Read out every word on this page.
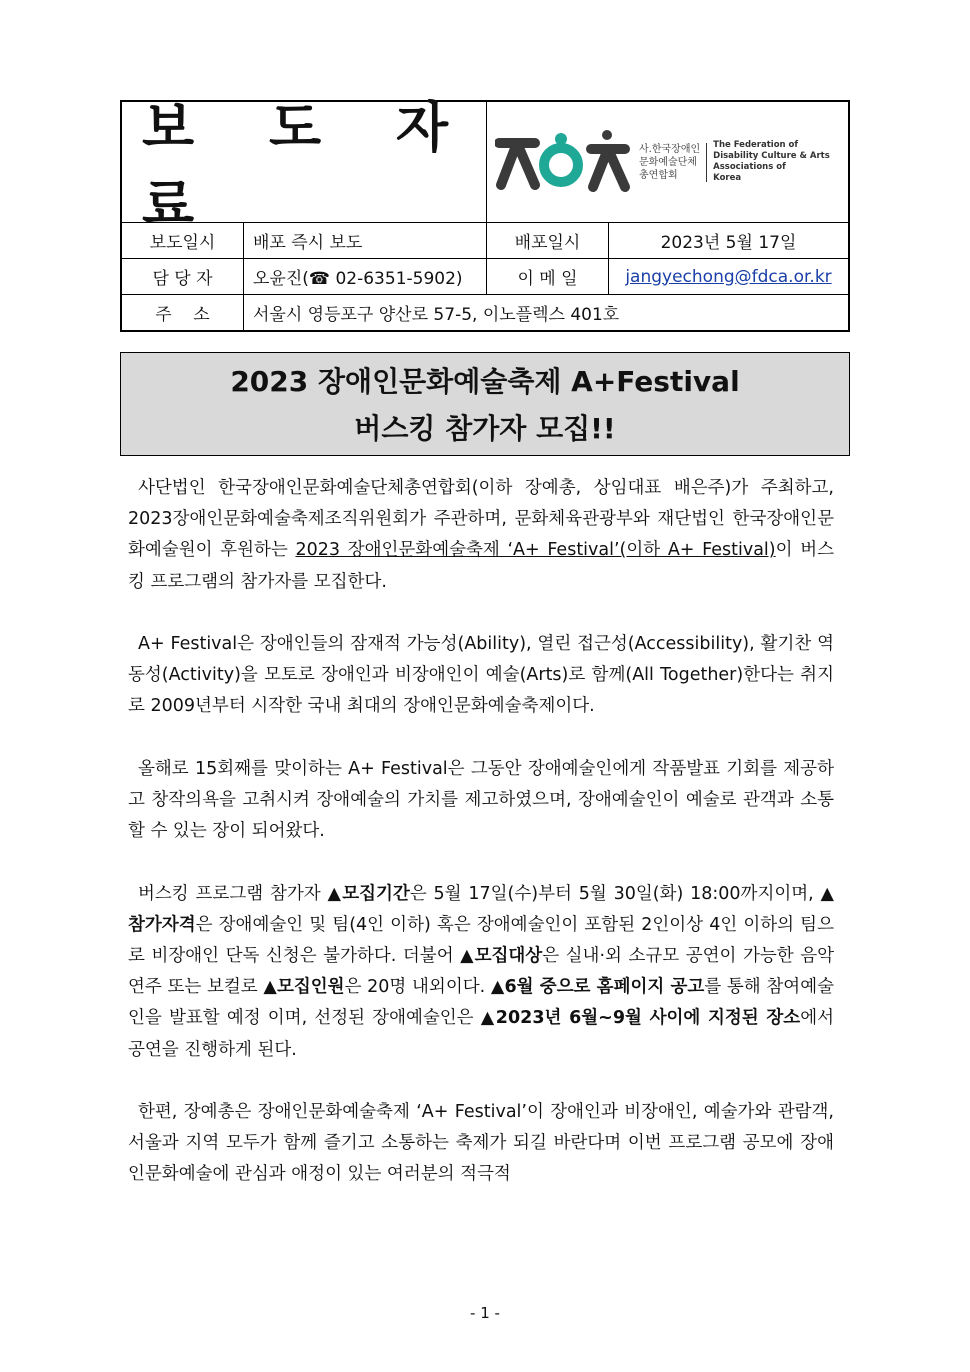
보 도 자 료
사.한국장애인
문화예술단체
총연합회
The Federation of
Disability Culture & Arts
Associations of
Korea
보도일시	배포 즉시 보도	배포일시	2023년 5월 17일
담 당 자	오윤진(☎ 02-6351-5902)	이 메 일	jangyechong@fdca.or.kr
주    소	서울시 영등포구 양산로 57-5, 이노플렉스 401호
2023 장애인문화예술축제 A+Festival
버스킹 참가자 모집!!

사단법인 한국장애인문화예술단체총연합회(이하 장예총, 상임대표 배은주)가 주최하고, 2023장애인문화예술축제조직위원회가 주관하며, 문화체육관광부와 재단법인 한국장애인문화예술원이 후원하는 2023 장애인문화예술축제 ‘A+ Festival’(이하 A+ Festival)이 버스킹 프로그램의 참가자를 모집한다.

A+ Festival은 장애인들의 잠재적 가능성(Ability), 열린 접근성(Accessibility), 활기찬 역동성(Activity)을 모토로 장애인과 비장애인이 예술(Arts)로 함께(All Together)한다는 취지로 2009년부터 시작한 국내 최대의 장애인문화예술축제이다.

올해로 15회째를 맞이하는 A+ Festival은 그동안 장애예술인에게 작품발표 기회를 제공하고 창작의욕을 고취시켜 장애예술의 가치를 제고하였으며, 장애예술인이 예술로 관객과 소통할 수 있는 장이 되어왔다.

버스킹 프로그램 참가자 ▲모집기간은 5월 17일(수)부터 5월 30일(화) 18:00까지이며, ▲참가자격은 장애예술인 및 팀(4인 이하) 혹은 장애예술인이 포함된 2인이상 4인 이하의 팀으로 비장애인 단독 신청은 불가하다. 더불어 ▲모집대상은 실내·외 소규모 공연이 가능한 음악연주 또는 보컬로 ▲모집인원은 20명 내외이다. ▲6월 중으로 홈페이지 공고를 통해 참여예술인을 발표할 예정 이며, 선정된 장애예술인은 ▲2023년 6월~9월 사이에 지정된 장소에서 공연을 진행하게 된다.

한편, 장예총은 장애인문화예술축제 ‘A+ Festival’이 장애인과 비장애인, 예술가와 관람객, 서울과 지역 모두가 함께 즐기고 소통하는 축제가 되길 바란다며 이번 프로그램 공모에 장애인문화예술에 관심과 애정이 있는 여러분의 적극적

- 1 -
